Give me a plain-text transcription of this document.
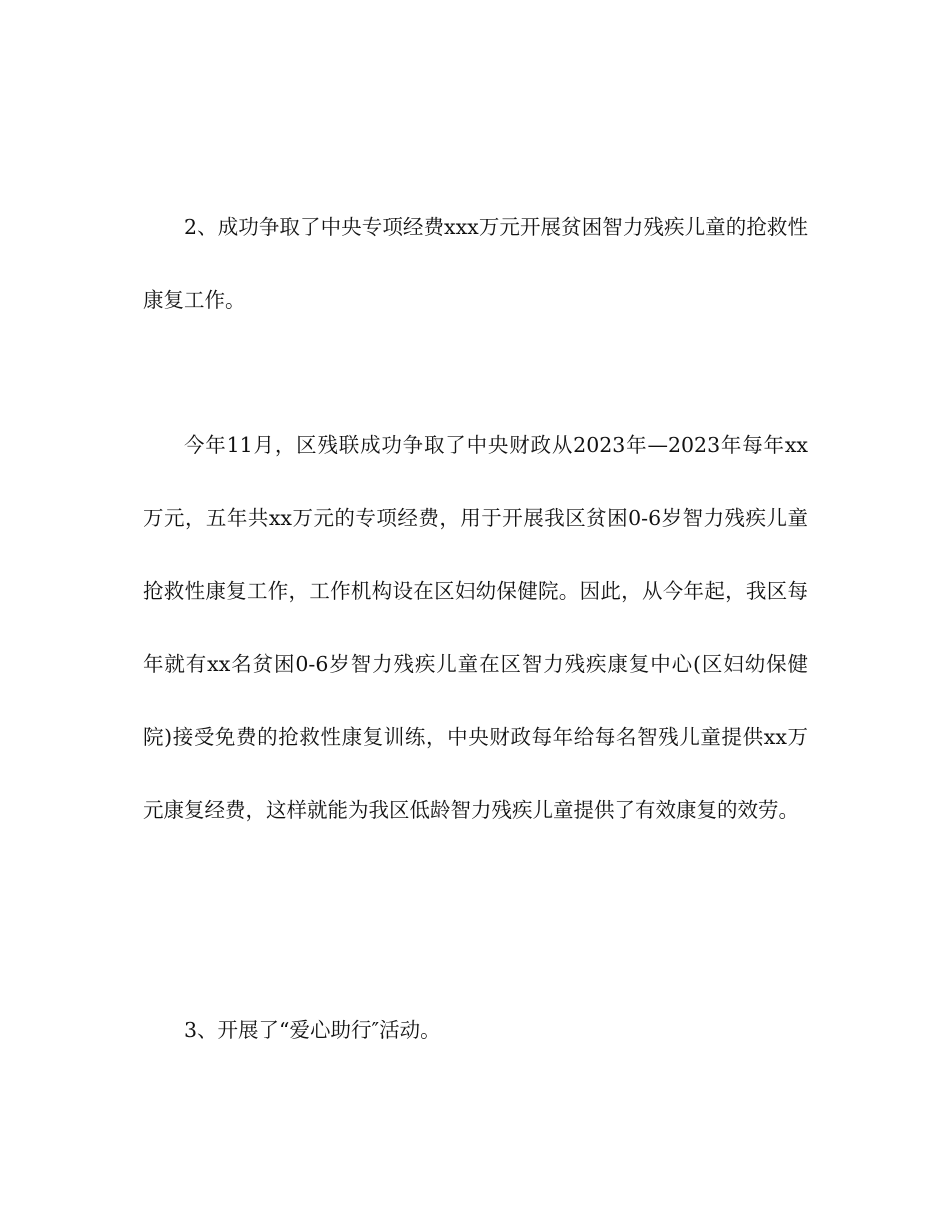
2、成功争取了中央专项经费xxx万元开展贫困智力残疾儿童的抢救性康复工作。

今年11月，区残联成功争取了中央财政从2023年—2023年每年xx万元，五年共xx万元的专项经费，用于开展我区贫困0-6岁智力残疾儿童抢救性康复工作，工作机构设在区妇幼保健院。因此，从今年起，我区每年就有xx名贫困0-6岁智力残疾儿童在区智力残疾康复中心(区妇幼保健院)接受免费的抢救性康复训练，中央财政每年给每名智残儿童提供xx万元康复经费，这样就能为我区低龄智力残疾儿童提供了有效康复的效劳。

3、开展了“爱心助行″活动。
